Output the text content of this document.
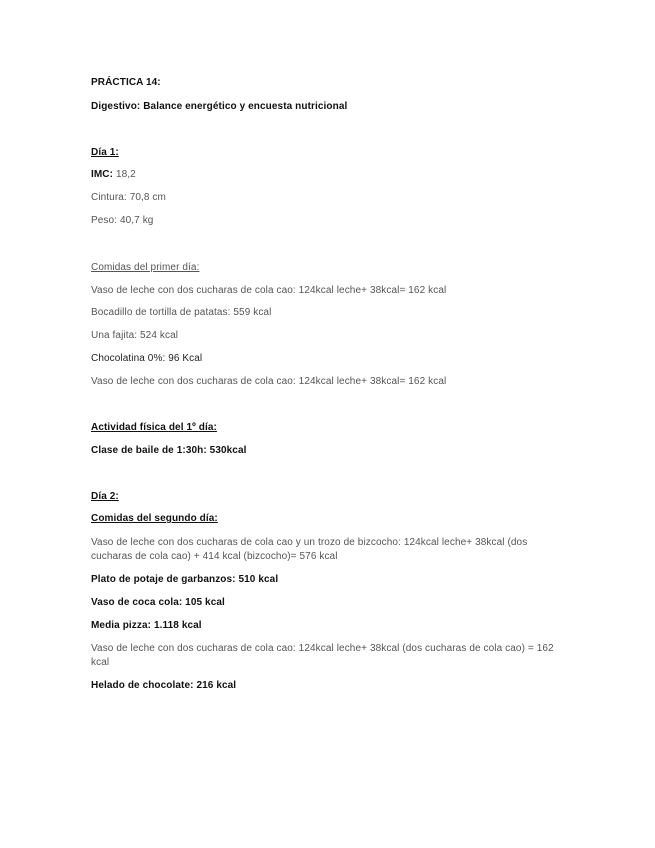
PRÁCTICA 14:
Digestivo: Balance energético y encuesta nutricional
Día 1:
IMC: 18,2
Cintura: 70,8 cm
Peso: 40,7 kg
Comidas del primer día:
Vaso de leche con dos cucharas de cola cao: 124kcal leche+ 38kcal= 162 kcal
Bocadillo de tortilla de patatas: 559 kcal
Una fajita: 524 kcal
Chocolatina 0%: 96 Kcal
Vaso de leche con dos cucharas de cola cao: 124kcal leche+ 38kcal= 162 kcal
Actividad física del 1º día:
Clase de baile de 1:30h: 530kcal
Día 2:
Comidas del segundo día:
Vaso de leche con dos cucharas de cola cao y un trozo de bizcocho: 124kcal leche+ 38kcal (dos cucharas de cola cao) + 414 kcal (bizcocho)= 576 kcal
Plato de potaje de garbanzos: 510 kcal
Vaso de coca cola: 105 kcal
Media pizza: 1.118 kcal
Vaso de leche con dos cucharas de cola cao: 124kcal leche+ 38kcal (dos cucharas de cola cao) = 162 kcal
Helado de chocolate: 216 kcal
